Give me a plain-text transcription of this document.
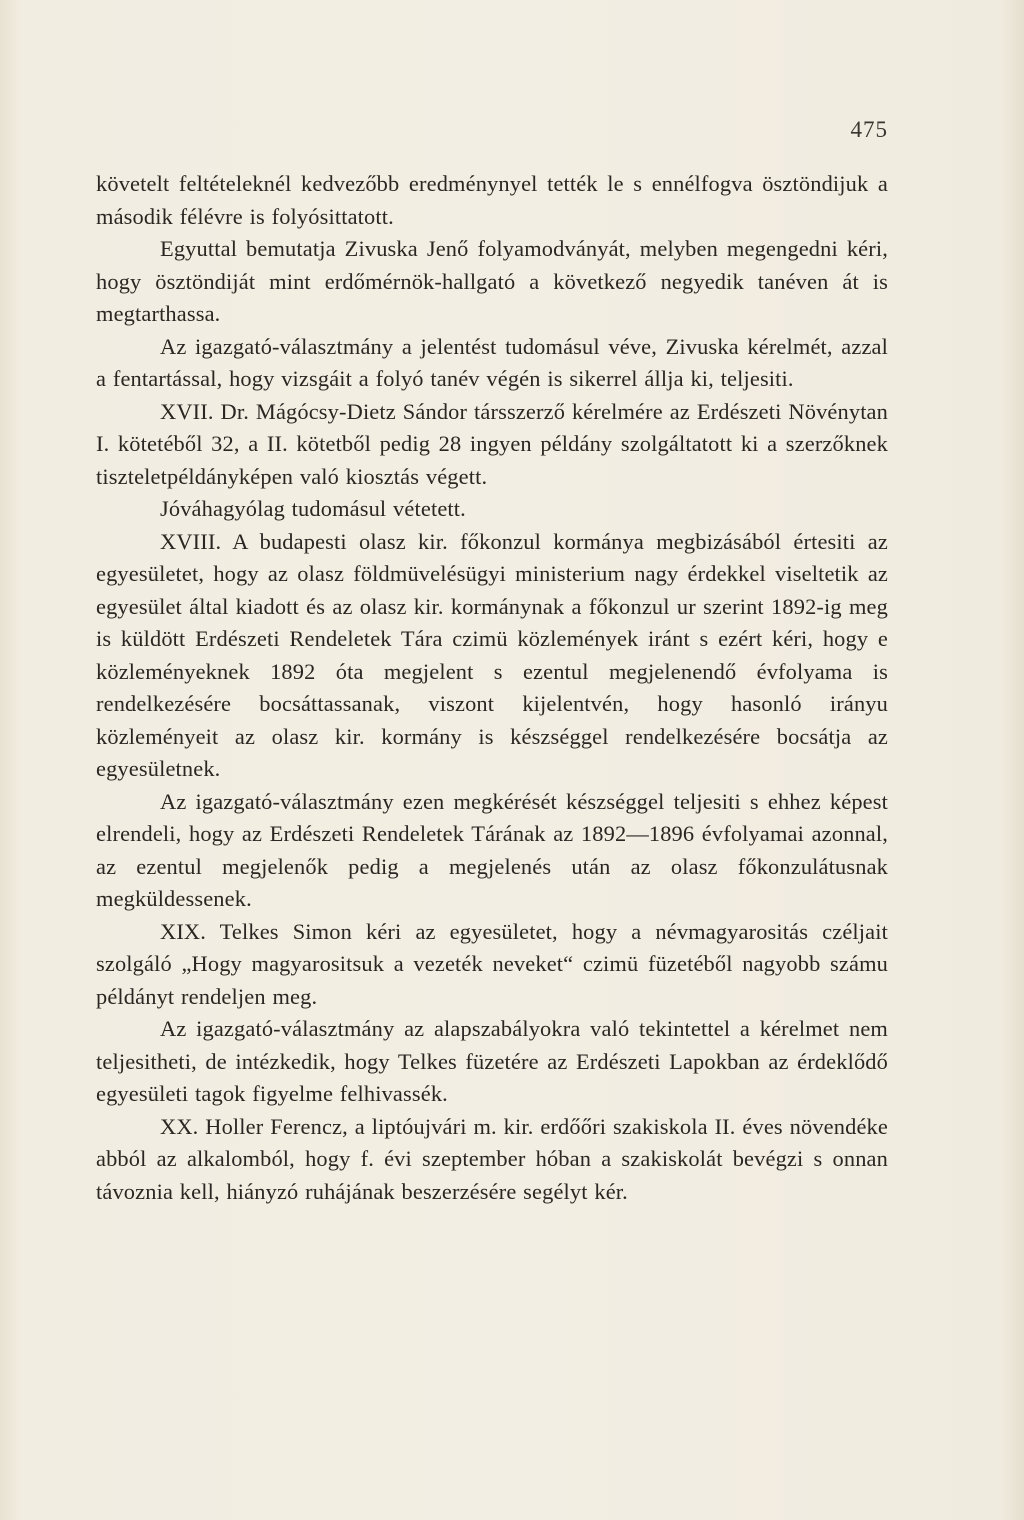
475

követelt feltételeknél kedvezőbb eredménynyel tették le s ennélfogva ösztöndijuk a második félévre is folyósittatott.

Egyuttal bemutatja Zivuska Jenő folyamodványát, melyben megengedni kéri, hogy ösztöndiját mint erdőmérnök-hallgató a következő negyedik tanéven át is megtarthassa.

Az igazgató-választmány a jelentést tudomásul véve, Zivuska kérelmét, azzal a fentartással, hogy vizsgáit a folyó tanév végén is sikerrel állja ki, teljesiti.

XVII. Dr. Mágócsy-Dietz Sándor társszerző kérelmére az Erdészeti Növénytan I. kötetéből 32, a II. kötetből pedig 28 ingyen példány szolgáltatott ki a szerzőknek tiszteletpéldányképen való kiosztás végett.

Jóváhagyólag tudomásul vétetett.

XVIII. A budapesti olasz kir. főkonzul kormánya megbizásából értesiti az egyesületet, hogy az olasz földmüvelésügyi ministerium nagy érdekkel viseltetik az egyesület által kiadott és az olasz kir. kormánynak a főkonzul ur szerint 1892-ig meg is küldött Erdészeti Rendeletek Tára czimü közlemények iránt s ezért kéri, hogy e közleményeknek 1892 óta megjelent s ezentul megjelenendő évfolyama is rendelkezésére bocsáttassanak, viszont kijelentvén, hogy hasonló irányu közleményeit az olasz kir. kormány is készséggel rendelkezésére bocsátja az egyesületnek.

Az igazgató-választmány ezen megkérését készséggel teljesiti s ehhez képest elrendeli, hogy az Erdészeti Rendeletek Tárának az 1892—1896 évfolyamai azonnal, az ezentul megjelenők pedig a megjelenés után az olasz főkonzulátusnak megküldessenek.

XIX. Telkes Simon kéri az egyesületet, hogy a névmagyarositás czéljait szolgáló „Hogy magyarositsuk a vezeték neveket“ czimü füzetéből nagyobb számu példányt rendeljen meg.

Az igazgató-választmány az alapszabályokra való tekintettel a kérelmet nem teljesitheti, de intézkedik, hogy Telkes füzetére az Erdészeti Lapokban az érdeklődő egyesületi tagok figyelme felhivassék.

XX. Holler Ferencz, a liptóujvári m. kir. erdőőri szakiskola II. éves növendéke abból az alkalomból, hogy f. évi szeptember hóban a szakiskolát bevégzi s onnan távoznia kell, hiányzó ruhájának beszerzésére segélyt kér.
